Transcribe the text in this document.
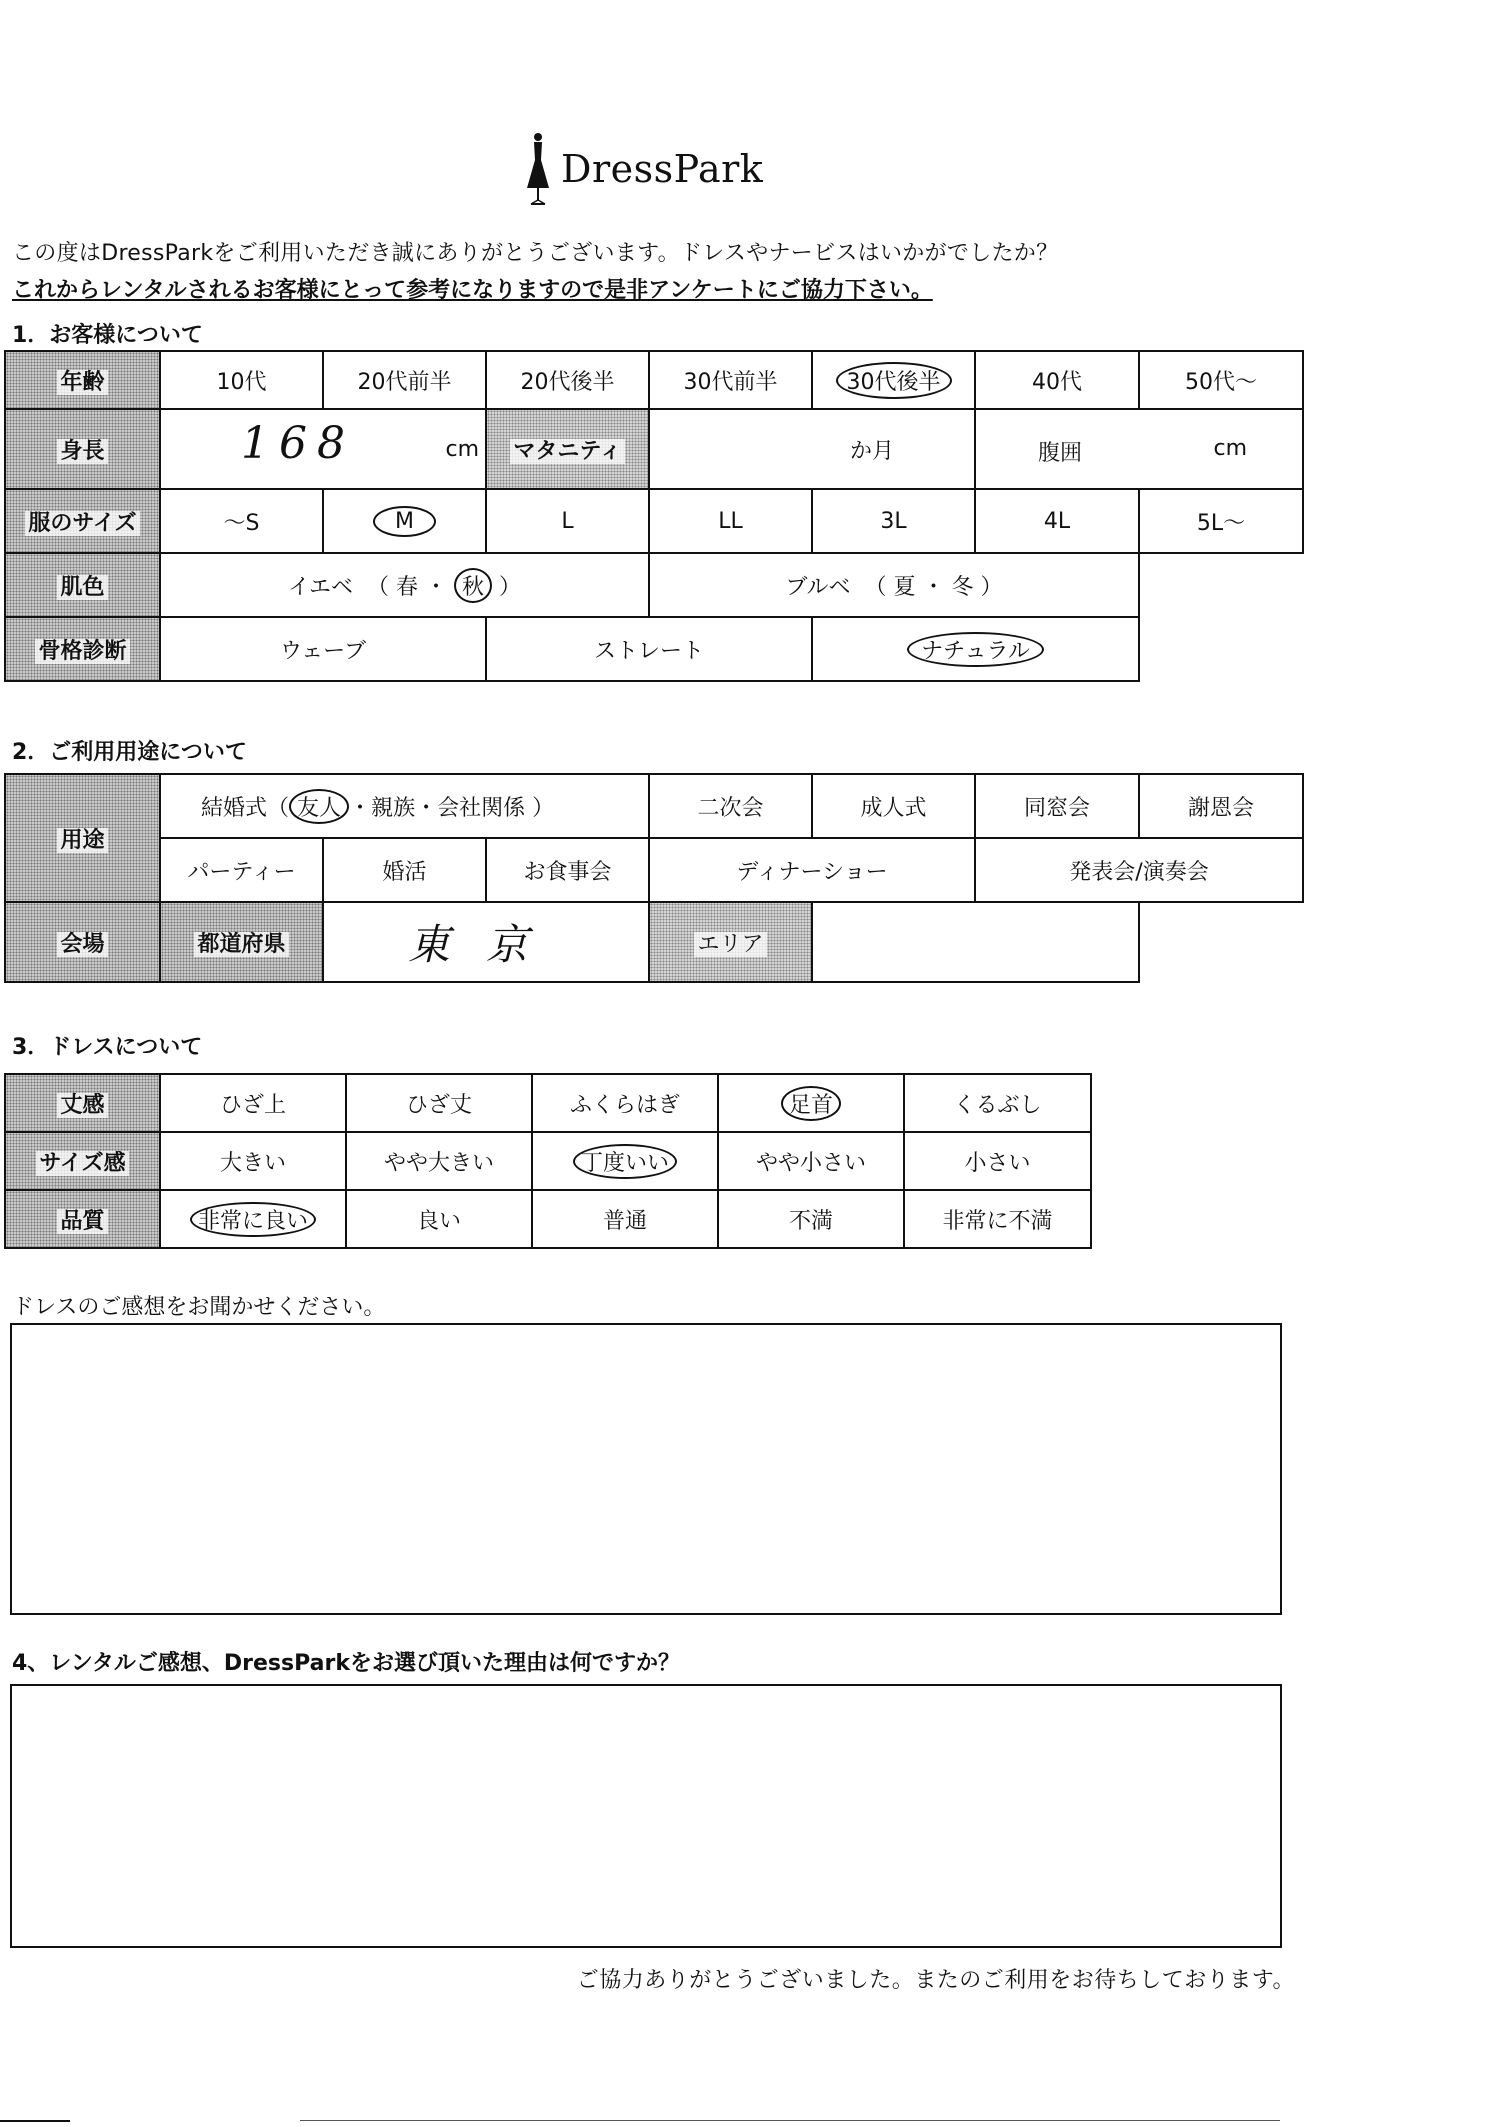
DressPark
この度はDressParkをご利用いただき誠にありがとうございます。ドレスやナービスはいかがでしたか？
これからレンタルされるお客様にとって参考になりますので是非アンケートにご協力下さい。
1．お客様について
年齢	10代	20代前半	20代後半	30代前半	30代後半	40代	50代～
身長	168 cm		マタニティ	か月		腹囲 cm	

服のサイズ	～S	M	L	LL	3L	4L	5L～
肌色	イエベ  （ 春 ・ 秋 ）			ブルベ  （ 夏 ・ 冬 ）			
骨格診断	ウェーブ		ストレート		ナチュラル		
2．ご利用用途について
用途	結婚式（ 友人 ・親族・会社関係 ）			二次会	成人式	同窓会	謝恩会
	パーティー	婚活	お食事会	ディナーショー		発表会/演奏会	
会場	都道府県	東京		エリア			
3．ドレスについて
丈感	ひざ上	ひざ丈	ふくらはぎ	足首	くるぶし
サイズ感	大きい	やや大きい	丁度いい	やや小さい	小さい
品質	非常に良い	良い	普通	不満	非常に不満
ドレスのご感想をお聞かせください。
4、レンタルご感想、DressParkをお選び頂いた理由は何ですか？
ご協力ありがとうございました。またのご利用をお待ちしております。
